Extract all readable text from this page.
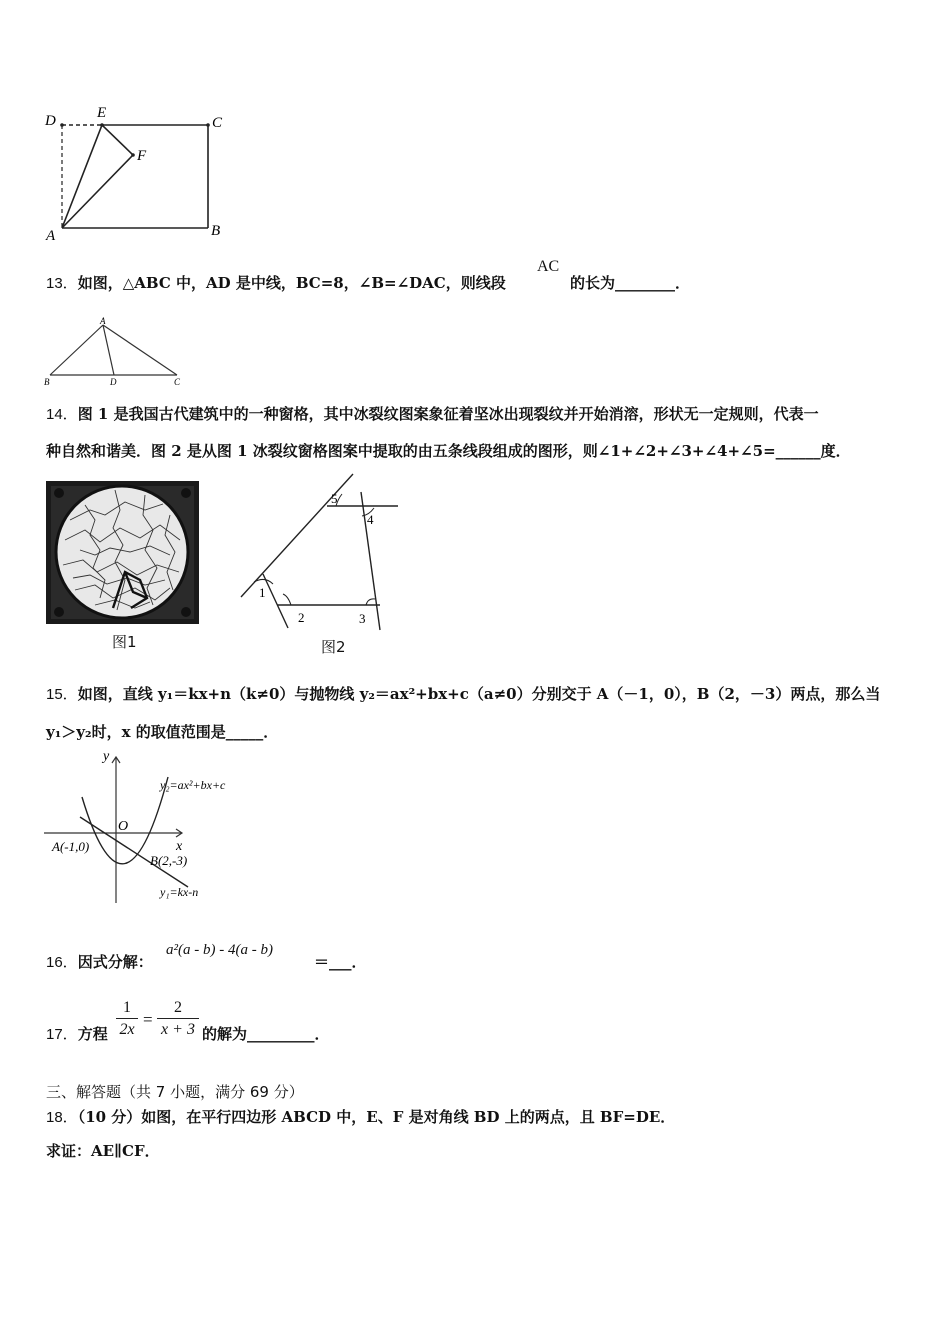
D	E
C
F
A	B
13．如图，△ABC 中，AD 是中线，BC=8，∠B=∠DAC，则线段
AC
的长为________．
A
B	D	C
14．图 1 是我国古代建筑中的一种窗格，其中冰裂纹图案象征着坚冰出现裂纹并开始消溶，形状无一定规则，代表一
种自然和谐美．图 2 是从图 1 冰裂纹窗格图案中提取的由五条线段组成的图形，则∠1+∠2+∠3+∠4+∠5=______度．
图1
1
2	3
4
5
图2
15．如图，直线 y₁＝kx+n（k≠0）与抛物线 y₂＝ax²+bx+c（a≠0）分别交于 A（－1，0），B（2，－3）两点，那么当
y₁＞y₂时，x 的取值范围是_____．
y
x
O
A(-1,0)
B(2,-3)
y₂=ax²+bx+c
y₁=kx-n
16．因式分解：
a²(a - b) - 4(a - b)
＝___．
17．方程
1
2x
=
2
x + 3 的解为_________．
三、解答题（共 7 小题，满分 69 分）
18．（10 分）如图，在平行四边形 ABCD 中，E、F 是对角线 BD 上的两点，且 BF=DE．
求证：AE∥CF．
